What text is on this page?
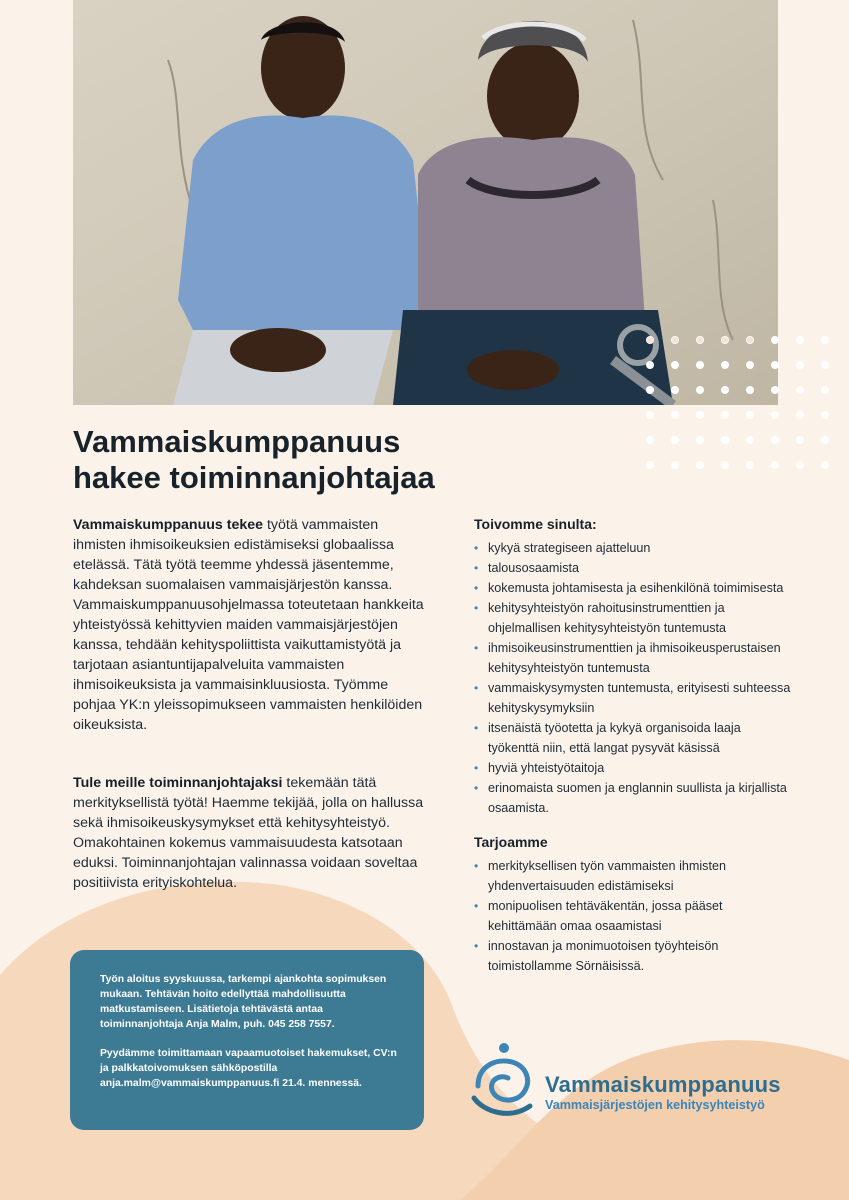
Vammaiskumppanuus
hakee toiminnanjohtajaa

Vammaiskumppanuus tekee työtä vammaisten ihmisten ihmisoikeuksien edistämiseksi globaalissa etelässä. Tätä työtä teemme yhdessä jäsentemme, kahdeksan suomalaisen vammaisjärjestön kanssa. Vammaiskumppanuusohjelmassa toteutetaan hankkeita yhteistyössä kehittyvien maiden vammaisjärjestöjen kanssa, tehdään kehityspoliittista vaikuttamistyötä ja tarjotaan asiantuntijapalveluita vammaisten ihmisoikeuksista ja vammaisinkluusiosta. Työmme pohjaa YK:n yleissopimukseen vammaisten henkilöiden oikeuksista.

Tule meille toiminnanjohtajaksi tekemään tätä merkityksellistä työtä! Haemme tekijää, jolla on hallussa sekä ihmisoikeuskysymykset että kehitysyhteistyö. Omakohtainen kokemus vammaisuudesta katsotaan eduksi. Toiminnanjohtajan valinnassa voidaan soveltaa positiivista erityiskohtelua.

Toivomme sinulta:
• kykyä strategiseen ajatteluun
• talousosaamista
• kokemusta johtamisesta ja esihenkilönä toimimisesta
• kehitysyhteistyön rahoitusinstrumenttien ja ohjelmallisen kehitysyhteistyön tuntemusta
• ihmisoikeusinstrumenttien ja ihmisoikeusperustaisen kehitysyhteistyön tuntemusta
• vammaiskysymysten tuntemusta, erityisesti suhteessa kehityskysymyksiin
• itsenäistä työotetta ja kykyä organisoida laaja työkenttä niin, että langat pysyvät käsissä
• hyviä yhteistyötaitoja
• erinomaista suomen ja englannin suullista ja kirjallista osaamista.
Tarjoamme
• merkityksellisen työn vammaisten ihmisten yhdenvertaisuuden edistämiseksi
• monipuolisen tehtäväkentän, jossa pääset kehittämään omaa osaamistasi
• innostavan ja monimuotoisen työyhteisön toimistollamme Sörnäisissä.

Työn aloitus syyskuussa, tarkempi ajankohta sopimuksen mukaan. Tehtävän hoito edellyttää mahdollisuutta matkustamiseen. Lisätietoja tehtävästä antaa toiminnanjohtaja Anja Malm, puh. 045 258 7557.

Pyydämme toimittamaan vapaamuotoiset hakemukset, CV:n ja palkkatoivomuksen sähköpostilla anja.malm@vammaiskumppanuus.fi 21.4. mennessä.	Vammaiskumppanuus
Vammaisjärjestöjen kehitysyhteistyö
